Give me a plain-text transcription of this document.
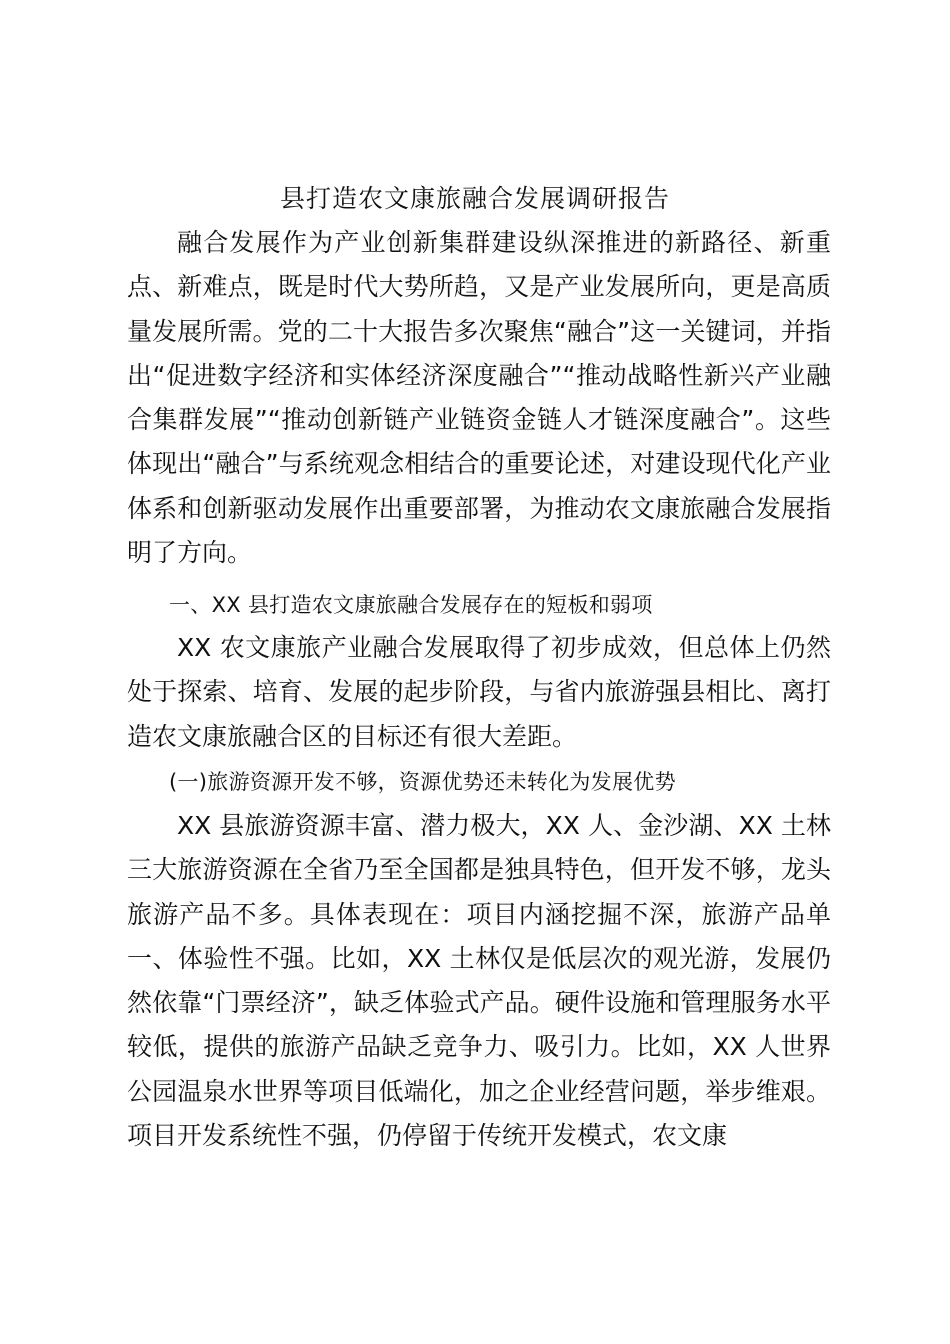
县打造农文康旅融合发展调研报告
融合发展作为产业创新集群建设纵深推进的新路径、新重点、新难点，既是时代大势所趋，又是产业发展所向，更是高质量发展所需。党的二十大报告多次聚焦“融合”这一关键词，并指出“促进数字经济和实体经济深度融合”“推动战略性新兴产业融合集群发展”“推动创新链产业链资金链人才链深度融合”。这些体现出“融合”与系统观念相结合的重要论述，对建设现代化产业体系和创新驱动发展作出重要部署，为推动农文康旅融合发展指明了方向。
一、XX 县打造农文康旅融合发展存在的短板和弱项
XX 农文康旅产业融合发展取得了初步成效，但总体上仍然处于探索、培育、发展的起步阶段，与省内旅游强县相比、离打造农文康旅融合区的目标还有很大差距。
(一)旅游资源开发不够，资源优势还未转化为发展优势
XX 县旅游资源丰富、潜力极大，XX 人、金沙湖、XX 土林三大旅游资源在全省乃至全国都是独具特色，但开发不够，龙头旅游产品不多。具体表现在：项目内涵挖掘不深，旅游产品单一、体验性不强。比如，XX 土林仅是低层次的观光游，发展仍然依靠“门票经济”，缺乏体验式产品。硬件设施和管理服务水平较低，提供的旅游产品缺乏竞争力、吸引力。比如，XX 人世界公园温泉水世界等项目低端化，加之企业经营问题，举步维艰。项目开发系统性不强，仍停留于传统开发模式，农文康
